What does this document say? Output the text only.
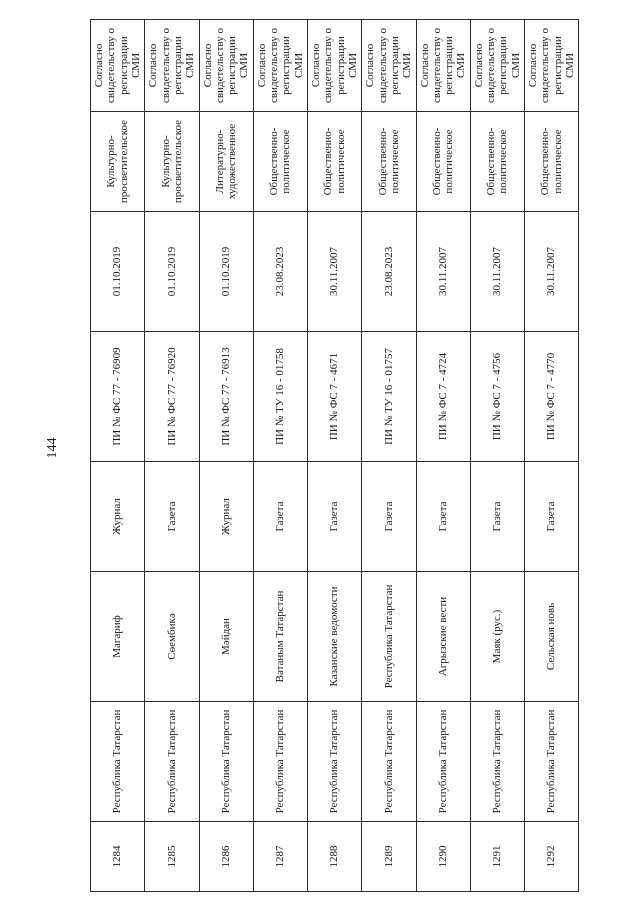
144
1284	Республика Татарстан	Магариф	Журнал	ПИ № ФС 77 - 76909	01.10.2019	Культурно-просветительское	Согласно свидетельству о регистрации СМИ
1285	Республика Татарстан	Сөембикә	Газета	ПИ № ФС 77 - 76920	01.10.2019	Культурно-просветительское	Согласно свидетельству о регистрации СМИ
1286	Республика Татарстан	Мәйдан	Журнал	ПИ № ФС 77 - 76913	01.10.2019	Литературно-художественное	Согласно свидетельству о регистрации СМИ
1287	Республика Татарстан	Ватаным Татарстан	Газета	ПИ № ТУ 16 - 01758	23.08.2023	Общественно-политическое	Согласно свидетельству о регистрации СМИ
1288	Республика Татарстан	Казанские ведомости	Газета	ПИ № ФС 7 - 4671	30.11.2007	Общественно-политическое	Согласно свидетельству о регистрации СМИ
1289	Республика Татарстан	Республика Татарстан	Газета	ПИ № ТУ 16 - 01757	23.08.2023	Общественно-политическое	Согласно свидетельству о регистрации СМИ
1290	Республика Татарстан	Агрызские вести	Газета	ПИ № ФС 7 - 4724	30.11.2007	Общественно-политическое	Согласно свидетельству о регистрации СМИ
1291	Республика Татарстан	Маяк (рус.)	Газета	ПИ № ФС 7 - 4756	30.11.2007	Общественно-политическое	Согласно свидетельству о регистрации СМИ
1292	Республика Татарстан	Сельская новь	Газета	ПИ № ФС 7 - 4770	30.11.2007	Общественно-политическое	Согласно свидетельству о регистрации СМИ
